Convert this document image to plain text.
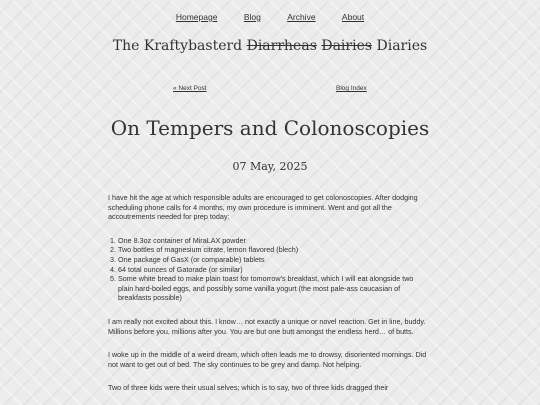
Homepage	Blog	Archive	About
The Kraftybasterd Diarrheas Dairies Diaries
« Next Post	Blog Index
On Tempers and Colonoscopies
07 May, 2025

I have hit the age at which responsible adults are encouraged to get colonoscopies. After dodging scheduling phone calls for 4 months, my own procedure is imminent. Went and got all the accoutrements needed for prep today:

1. One 8.3oz container of MiraLAX powder
2. Two bottles of magnesium citrate, lemon flavored (blech)
3. One package of GasX (or comparable) tablets
4. 64 total ounces of Gatorade (or similar)
5. Some white bread to make plain toast for tomorrow's breakfast, which I will eat alongside two plain hard-boiled eggs, and possibly some vanilla yogurt (the most pale-ass caucasian of breakfasts possible)

I am really not excited about this. I know… not exactly a unique or novel reaction. Get in line, buddy. Millions before you, millions after you. You are but one butt amongst the endless herd… of butts.

I woke up in the middle of a weird dream, which often leads me to drowsy, disoriented mornings. Did not want to get out of bed. The sky continues to be grey and damp. Not helping.

Two of three kids were their usual selves; which is to say, two of three kids dragged their
